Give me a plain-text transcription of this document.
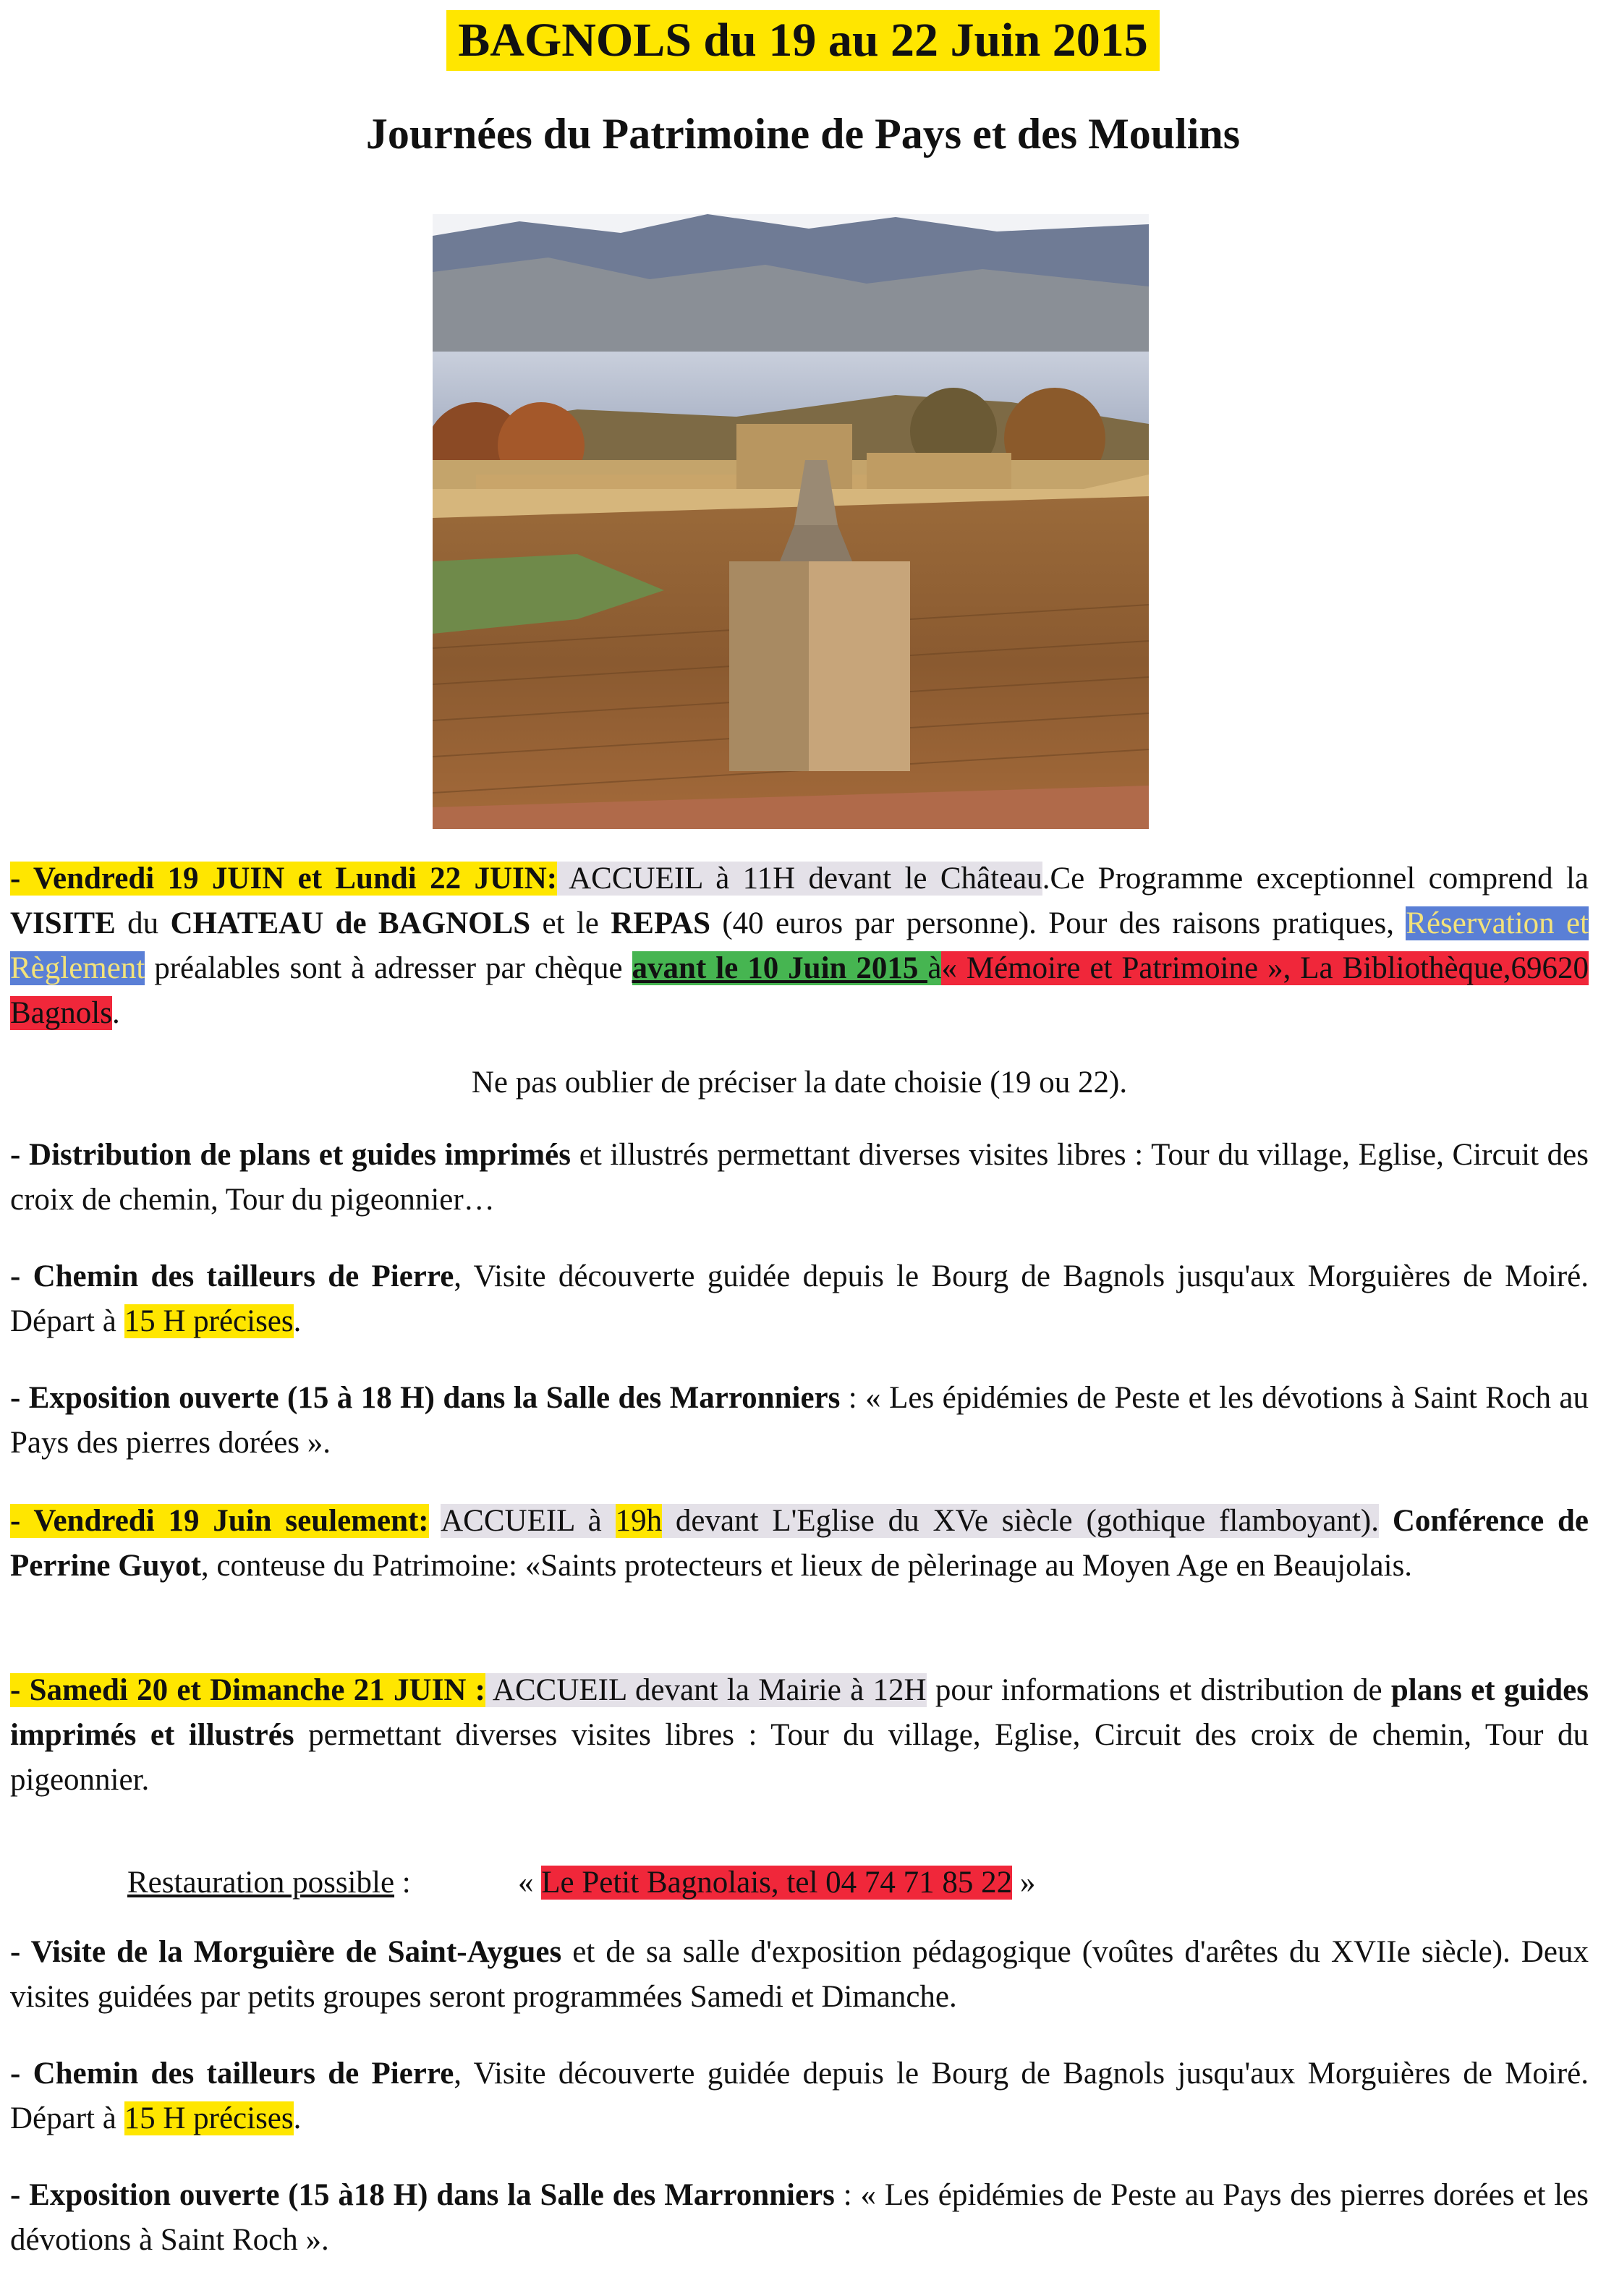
BAGNOLS du 19 au 22 Juin 2015
Journées du Patrimoine de Pays et des Moulins
- Vendredi 19 JUIN et Lundi 22 JUIN: ACCUEIL à 11H devant le Château.Ce Programme exceptionnel comprend la VISITE du CHATEAU de BAGNOLS et le REPAS (40 euros par personne). Pour des raisons pratiques, Réservation et Règlement préalables sont à adresser par chèque avant le 10 Juin 2015 à« Mémoire et Patrimoine », La Bibliothèque,69620 Bagnols.
Ne pas oublier de préciser la date choisie (19 ou 22).
- Distribution de plans et guides imprimés et illustrés permettant diverses visites libres : Tour du village, Eglise, Circuit des croix de chemin, Tour du pigeonnier…
- Chemin des tailleurs de Pierre, Visite découverte guidée depuis le Bourg de Bagnols jusqu'aux Morguières de Moiré. Départ à 15 H précises.
- Exposition ouverte (15 à 18 H) dans la Salle des Marronniers : « Les épidémies de Peste et les dévotions à Saint Roch au Pays des pierres dorées ».
- Vendredi 19 Juin seulement: ACCUEIL à 19h devant L'Eglise du XVe siècle (gothique flamboyant). Conférence de Perrine Guyot, conteuse du Patrimoine: «Saints protecteurs et lieux de pèlerinage au Moyen Age en Beaujolais.
- Samedi 20 et Dimanche 21 JUIN : ACCUEIL devant la Mairie à 12H pour informations et distribution de plans et guides imprimés et illustrés permettant diverses visites libres : Tour du village, Eglise, Circuit des croix de chemin, Tour du pigeonnier.
Restauration possible :	« Le Petit Bagnolais, tel 04 74 71 85 22 »
- Visite de la Morguière de Saint-Aygues et de sa salle d'exposition pédagogique (voûtes d'arêtes du XVIIe siècle). Deux visites guidées par petits groupes seront programmées Samedi et Dimanche.
- Chemin des tailleurs de Pierre, Visite découverte guidée depuis le Bourg de Bagnols jusqu'aux Morguières de Moiré. Départ à 15 H précises.
- Exposition ouverte (15 à18 H) dans la Salle des Marronniers : « Les épidémies de Peste au Pays des pierres dorées et les dévotions à Saint Roch ».
